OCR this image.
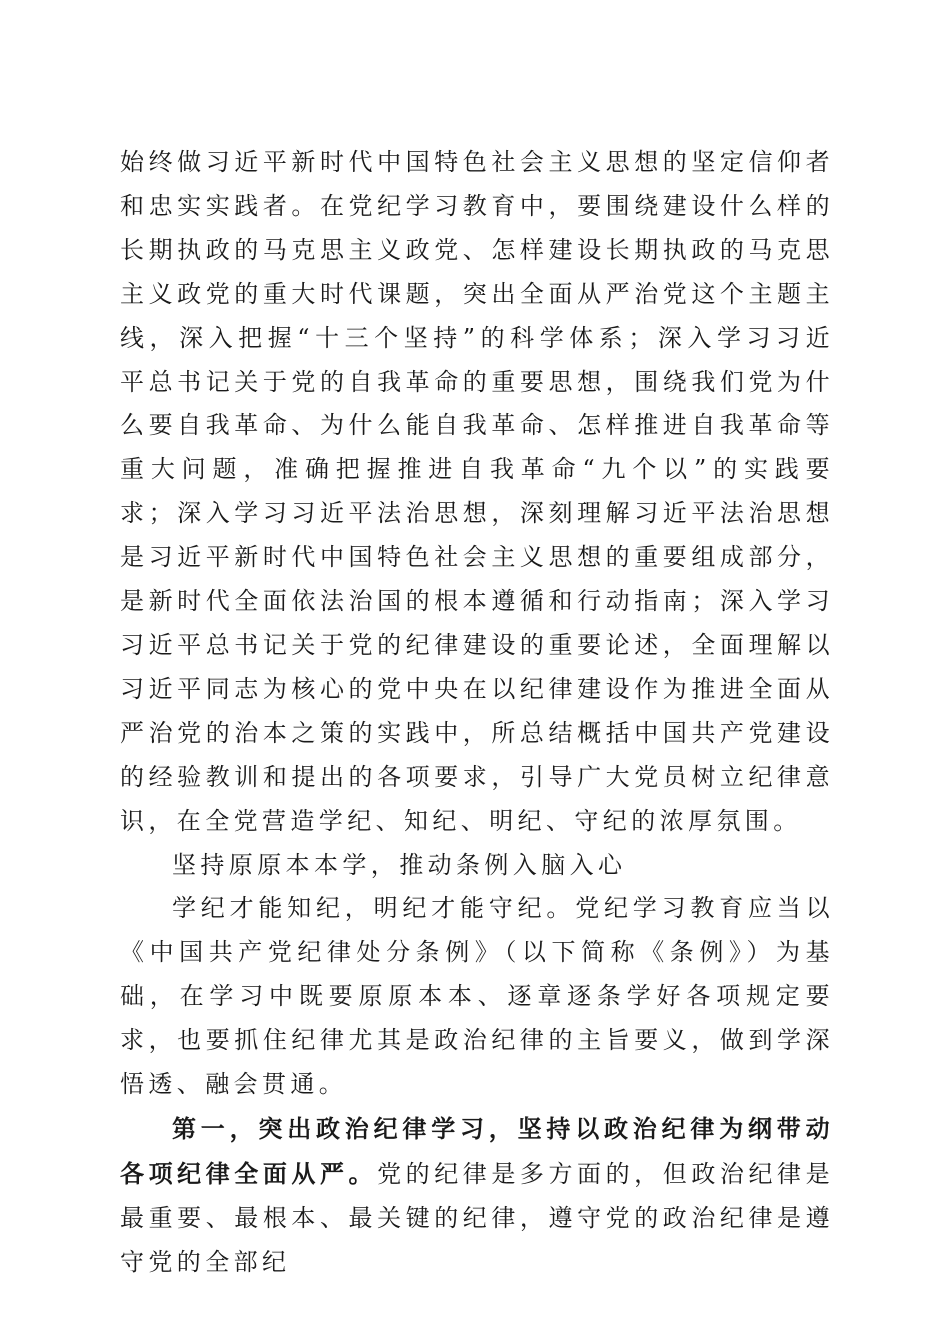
始终做习近平新时代中国特色社会主义思想的坚定信仰者和忠实实践者。在党纪学习教育中，要围绕建设什么样的长期执政的马克思主义政党、怎样建设长期执政的马克思主义政党的重大时代课题，突出全面从严治党这个主题主线，深入把握“十三个坚持”的科学体系；深入学习习近平总书记关于党的自我革命的重要思想，围绕我们党为什么要自我革命、为什么能自我革命、怎样推进自我革命等重大问题，准确把握推进自我革命“九个以”的实践要求；深入学习习近平法治思想，深刻理解习近平法治思想是习近平新时代中国特色社会主义思想的重要组成部分，是新时代全面依法治国的根本遵循和行动指南；深入学习习近平总书记关于党的纪律建设的重要论述，全面理解以习近平同志为核心的党中央在以纪律建设作为推进全面从严治党的治本之策的实践中，所总结概括中国共产党建设的经验教训和提出的各项要求，引导广大党员树立纪律意识，在全党营造学纪、知纪、明纪、守纪的浓厚氛围。

坚持原原本本学，推动条例入脑入心

学纪才能知纪，明纪才能守纪。党纪学习教育应当以《中国共产党纪律处分条例》（以下简称《条例》）为基础，在学习中既要原原本本、逐章逐条学好各项规定要求，也要抓住纪律尤其是政治纪律的主旨要义，做到学深悟透、融会贯通。

第一，突出政治纪律学习，坚持以政治纪律为纲带动各项纪律全面从严。党的纪律是多方面的，但政治纪律是最重要、最根本、最关键的纪律，遵守党的政治纪律是遵守党的全部纪
